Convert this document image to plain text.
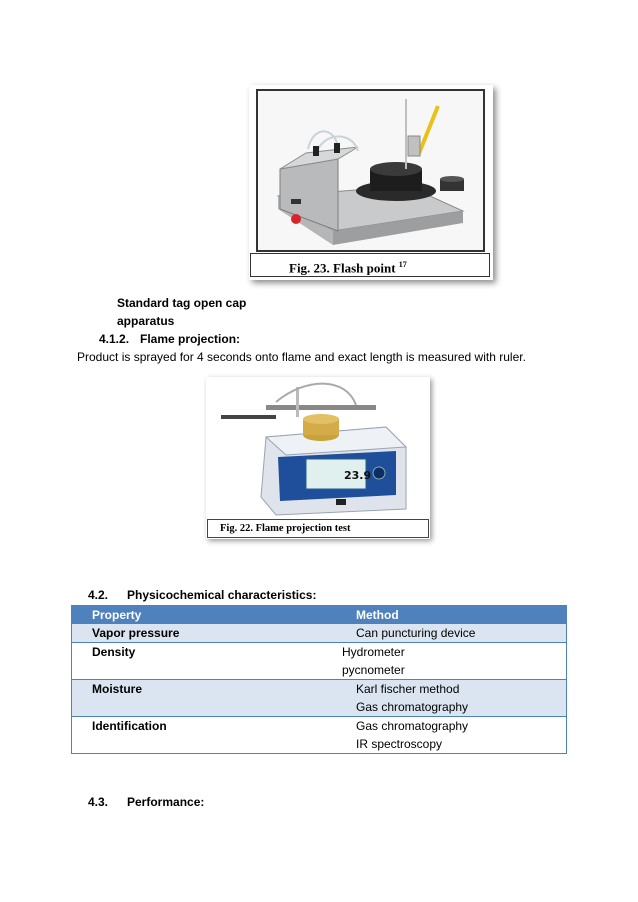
Fig. 23. Flash point $^{17}$
Standard tag open cap
apparatus
4.1.2. Flame projection:
Product is sprayed for 4 seconds onto flame and exact length is measured with ruler.
23.9
Fig. 22. Flame projection test
4.2. Physicochemical characteristics:
Property	Method
Vapor pressure	Can puncturing device

Density	Hydrometer
pycnometer

Moisture	Karl fischer method
Gas chromatography

Identification	Gas chromatography
IR spectroscopy
4.3. Performance:
